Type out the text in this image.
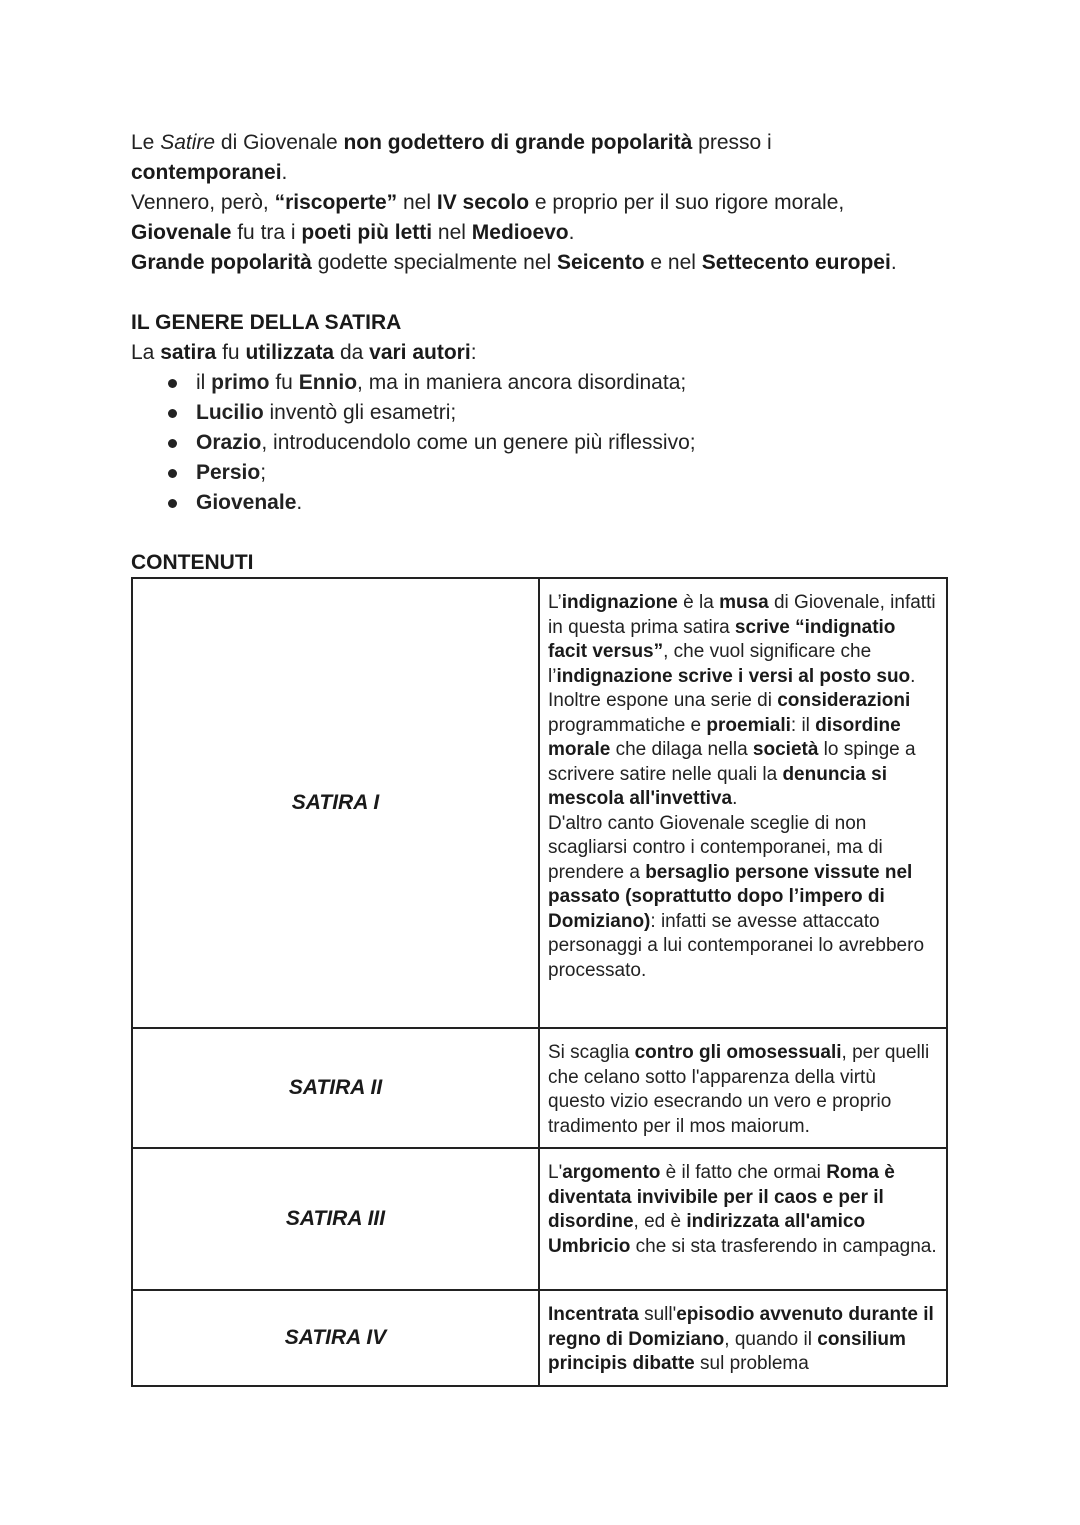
Le Satire di Giovenale non godettero di grande popolarità presso i
contemporanei.

Vennero, però, “riscoperte” nel IV secolo e proprio per il suo rigore morale,
Giovenale fu tra i poeti più letti nel Medioevo.

Grande popolarità godette specialmente nel Seicento e nel Settecento europei.

IL GENERE DELLA SATIRA

La satira fu utilizzata da vari autori:

il primo fu Ennio, ma in maniera ancora disordinata;
Lucilio inventò gli esametri;
Orazio, introducendolo come un genere più riflessivo;
Persio;
Giovenale.

CONTENUTI

SATIRA I	L’indignazione è la musa di Giovenale, infatti in questa prima satira scrive “indignatio facit versus”, che vuol significare che l’indignazione scrive i versi al posto suo.

Inoltre espone una serie di considerazioni programmatiche e proemiali: il disordine morale che dilaga nella società lo spinge a scrivere satire nelle quali la denuncia si mescola all'invettiva.

D'altro canto Giovenale sceglie di non scagliarsi contro i contemporanei, ma di prendere a bersaglio persone vissute nel passato (soprattutto dopo l’impero di Domiziano): infatti se avesse attaccato personaggi a lui contemporanei lo avrebbero processato.

SATIRA II	Si scaglia contro gli omosessuali, per quelli che celano sotto l'apparenza della virtù questo vizio esecrando un vero e proprio tradimento per il mos maiorum.

SATIRA III	L'argomento è il fatto che ormai Roma è diventata invivibile per il caos e per il disordine, ed è indirizzata all'amico Umbricio che si sta trasferendo in campagna.

SATIRA IV	Incentrata sull'episodio avvenuto durante il regno di Domiziano, quando il consilium principis dibatte sul problema
